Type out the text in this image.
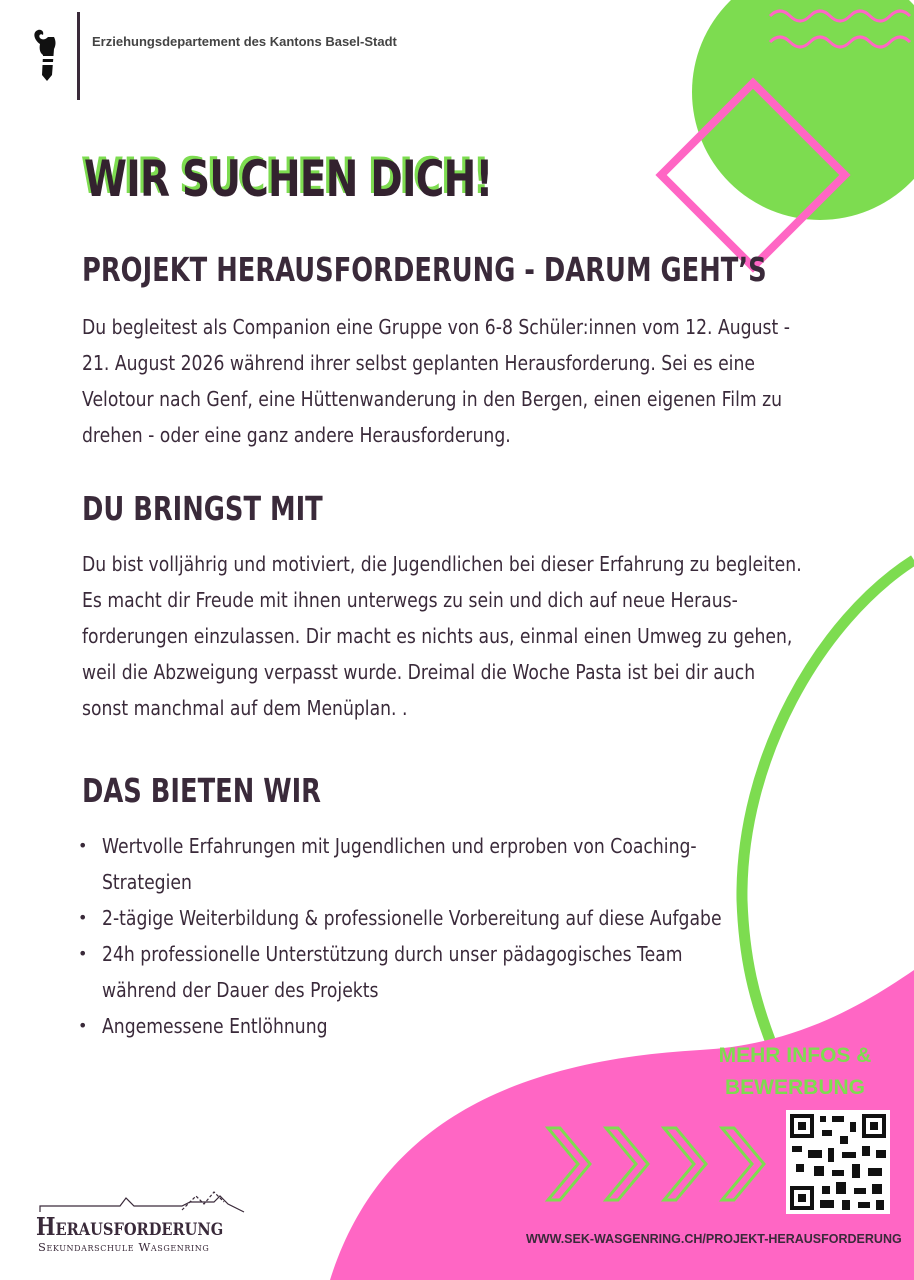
Erziehungsdepartement des Kantons Basel-Stadt
WIR SUCHEN DICH!
PROJEKT HERAUSFORDERUNG - DARUM GEHT’S
Du begleitest als Companion eine Gruppe von 6-8 Schüler:innen vom 12. August -
21. August 2026 während ihrer selbst geplanten Herausforderung. Sei es eine
Velotour nach Genf, eine Hüttenwanderung in den Bergen, einen eigenen Film zu
drehen - oder eine ganz andere Herausforderung.
DU BRINGST MIT
Du bist volljährig und motiviert, die Jugendlichen bei dieser Erfahrung zu begleiten.
Es macht dir Freude mit ihnen unterwegs zu sein und dich auf neue Heraus-
forderungen einzulassen. Dir macht es nichts aus, einmal einen Umweg zu gehen,
weil die Abzweigung verpasst wurde. Dreimal die Woche Pasta ist bei dir auch
sonst manchmal auf dem Menüplan. .
DAS BIETEN WIR
• Wertvolle Erfahrungen mit Jugendlichen und erproben von Coaching-
Strategien
• 2-tägige Weiterbildung & professionelle Vorbereitung auf diese Aufgabe
• 24h professionelle Unterstützung durch unser pädagogisches Team
während der Dauer des Projekts
• Angemessene Entlöhnung
MEHR INFOS &
BEWERBUNG
WWW.SEK-WASGENRING.CH/PROJEKT-HERAUSFORDERUNG
Herausforderung
Sekundarschule Wasgenring
